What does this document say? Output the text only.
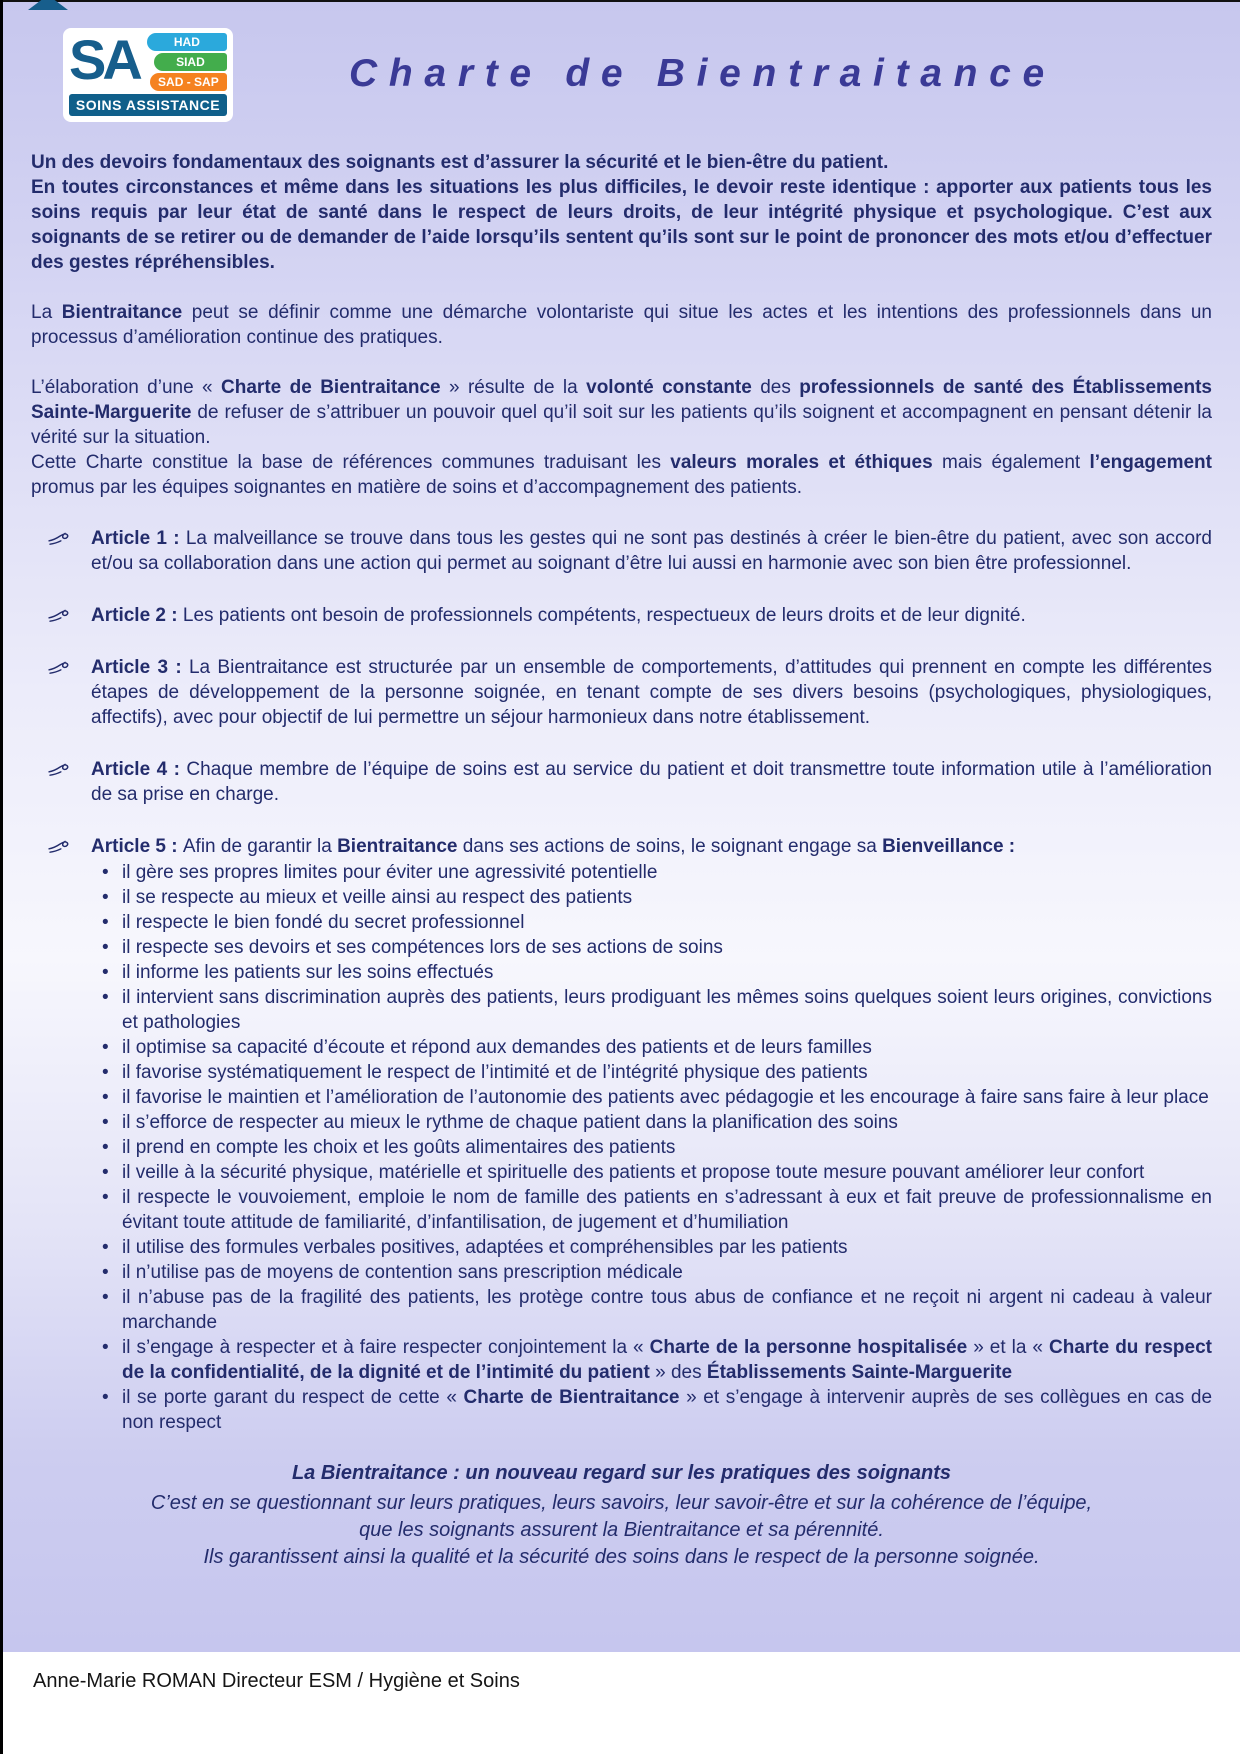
SA	HAD
SIAD
SAD - SAP
SOINS ASSISTANCE
Charte de Bientraitance

Un des devoirs fondamentaux des soignants est d’assurer la sécurité et le bien-être du patient.

En toutes circonstances et même dans les situations les plus difficiles, le devoir reste identique : apporter aux patients tous les soins requis par leur état de santé dans le respect de leurs droits, de leur intégrité physique et psychologique. C’est aux soignants de se retirer ou de demander de l’aide lorsqu’ils sentent qu’ils sont sur le point de prononcer des mots et/ou d’effectuer des gestes répréhensibles.

La Bientraitance peut se définir comme une démarche volontariste qui situe les actes et les intentions des professionnels dans un processus d’amélioration continue des pratiques.

L’élaboration d’une « Charte de Bientraitance » résulte de la volonté constante des professionnels de santé des Établissements Sainte-Marguerite de refuser de s’attribuer un pouvoir quel qu’il soit sur les patients qu’ils soignent et accompagnent en pensant détenir la vérité sur la situation.

Cette Charte constitue la base de références communes traduisant les valeurs morales et éthiques mais également l’engagement promus par les équipes soignantes en matière de soins et d’accompagnement des patients.

Article 1 : La malveillance se trouve dans tous les gestes qui ne sont pas destinés à créer le bien-être du patient, avec son accord et/ou sa collaboration dans une action qui permet au soignant d’être lui aussi en harmonie avec son bien être professionnel.

Article 2 : Les patients ont besoin de professionnels compétents, respectueux de leurs droits et de leur dignité.

Article 3 : La Bientraitance est structurée par un ensemble de comportements, d’attitudes qui prennent en compte les différentes étapes de développement de la personne soignée, en tenant compte de ses divers besoins (psychologiques, physiologiques, affectifs), avec pour objectif de lui permettre un séjour harmonieux dans notre établissement.

Article 4 : Chaque membre de l’équipe de soins est au service du patient et doit transmettre toute information utile à l’amélioration de sa prise en charge.

Article 5 : Afin de garantir la Bientraitance dans ses actions de soins, le soignant engage sa Bienveillance :

• il gère ses propres limites pour éviter une agressivité potentielle
• il se respecte au mieux et veille ainsi au respect des patients
• il respecte le bien fondé du secret professionnel
• il respecte ses devoirs et ses compétences lors de ses actions de soins
• il informe les patients sur les soins effectués
• il intervient sans discrimination auprès des patients, leurs prodiguant les mêmes soins quelques soient leurs origines, convictions et pathologies
• il optimise sa capacité d’écoute et répond aux demandes des patients et de leurs familles
• il favorise systématiquement le respect de l’intimité et de l’intégrité physique des patients
• il favorise le maintien et l’amélioration de l’autonomie des patients avec pédagogie et les encourage à faire sans faire à leur place
• il s’efforce de respecter au mieux le rythme de chaque patient dans la planification des soins
• il prend en compte les choix et les goûts alimentaires des patients
• il veille à la sécurité physique, matérielle et spirituelle des patients et propose toute mesure pouvant améliorer leur confort
• il respecte le vouvoiement, emploie le nom de famille des patients en s’adressant à eux et fait preuve de professionnalisme en évitant toute attitude de familiarité, d’infantilisation, de jugement et d’humiliation
• il utilise des formules verbales positives, adaptées et compréhensibles par les patients
• il n’utilise pas de moyens de contention sans prescription médicale
• il n’abuse pas de la fragilité des patients, les protège contre tous abus de confiance et ne reçoit ni argent ni cadeau à valeur marchande
• il s’engage à respecter et à faire respecter conjointement la « Charte de la personne hospitalisée » et la « Charte du respect de la confidentialité, de la dignité et de l’intimité du patient » des Établissements Sainte-Marguerite
• il se porte garant du respect de cette « Charte de Bientraitance » et s’engage à intervenir auprès de ses collègues en cas de non respect

La Bientraitance : un nouveau regard sur les pratiques des soignants

C’est en se questionnant sur leurs pratiques, leurs savoirs, leur savoir-être et sur la cohérence de l’équipe,

que les soignants assurent la Bientraitance et sa pérennité.

Ils garantissent ainsi la qualité et la sécurité des soins dans le respect de la personne soignée.

Anne-Marie ROMAN Directeur ESM / Hygiène et Soins
